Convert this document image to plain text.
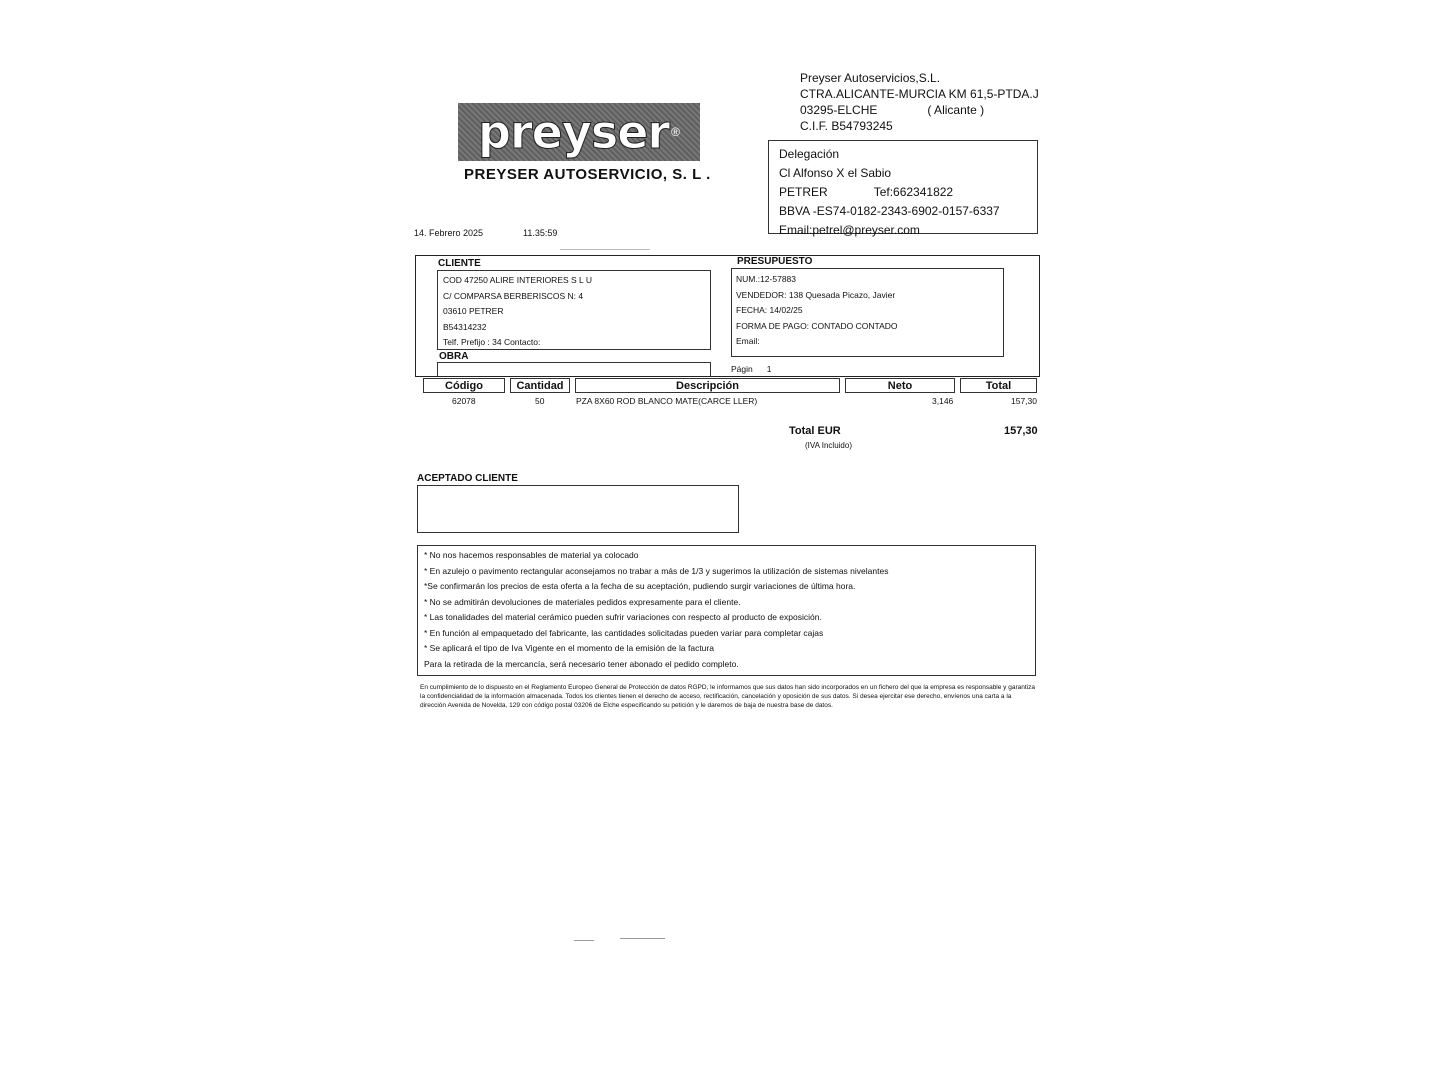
Preyser Autoservicios,S.L.
CTRA.ALICANTE-MURCIA KM 61,5-PTDA.J
03295-ELCHE	( Alicante )
C.I.F. B54793245
preyser ®
PREYSER AUTOSERVICIO, S. L .
Delegación
Cl Alfonso X el Sabio
PETRER	Tef:662341822
BBVA -ES74-0182-2343-6902-0157-6337
Email:petrel@preyser.com
14. Febrero 2025	11.35:59
CLIENTE
COD 47250 ALIRE INTERIORES S L U
C/ COMPARSA BERBERISCOS N: 4
03610 PETRER
B54314232
Telf. Prefijo : 34 Contacto:
PRESUPUESTO
NUM.:12-57883
VENDEDOR: 138 Quesada Picazo, Javier
FECHA: 14/02/25
FORMA DE PAGO: CONTADO CONTADO
Email:
OBRA
Págin 1
Código	Cantidad	Descripción	Neto	Total
62078	50	PZA 8X60 ROD BLANCO MATE(CARCE LLER)	3,146	157,30
Total EUR	157,30
(IVA Incluido)
ACEPTADO CLIENTE
* No nos hacemos responsables de material ya colocado
* En azulejo o pavimento rectangular aconsejamos no trabar a más de 1/3 y sugerimos la utilización de sistemas nivelantes
*Se confirmarán los precios de esta oferta a la fecha de su aceptación, pudiendo surgir variaciones de última hora.
* No se admitirán devoluciones de materiales pedidos expresamente para el cliente.
* Las tonalidades del material cerámico pueden sufrir variaciones con respecto al producto de exposición.
* En función al empaquetado del fabricante, las cantidades solicitadas pueden variar para completar cajas
* Se aplicará el tipo de Iva Vigente en el momento de la emisión de la factura
Para la retirada de la mercancía, será necesario tener abonado el pedido completo.
En cumplimiento de lo dispuesto en el Reglamento Europeo General de Protección de datos RGPD, le informamos que sus datos han sido incorporados en un fichero del que la empresa es responsable y garantiza la confidencialidad de la información almacenada. Todos los clientes tienen el derecho de acceso, rectificación, cancelación y oposición de sus datos. Si desea ejercitar ese derecho, envíenos una carta a la dirección Avenida de Novelda, 129 con código postal 03206 de Elche especificando su petición y le daremos de baja de nuestra base de datos.
